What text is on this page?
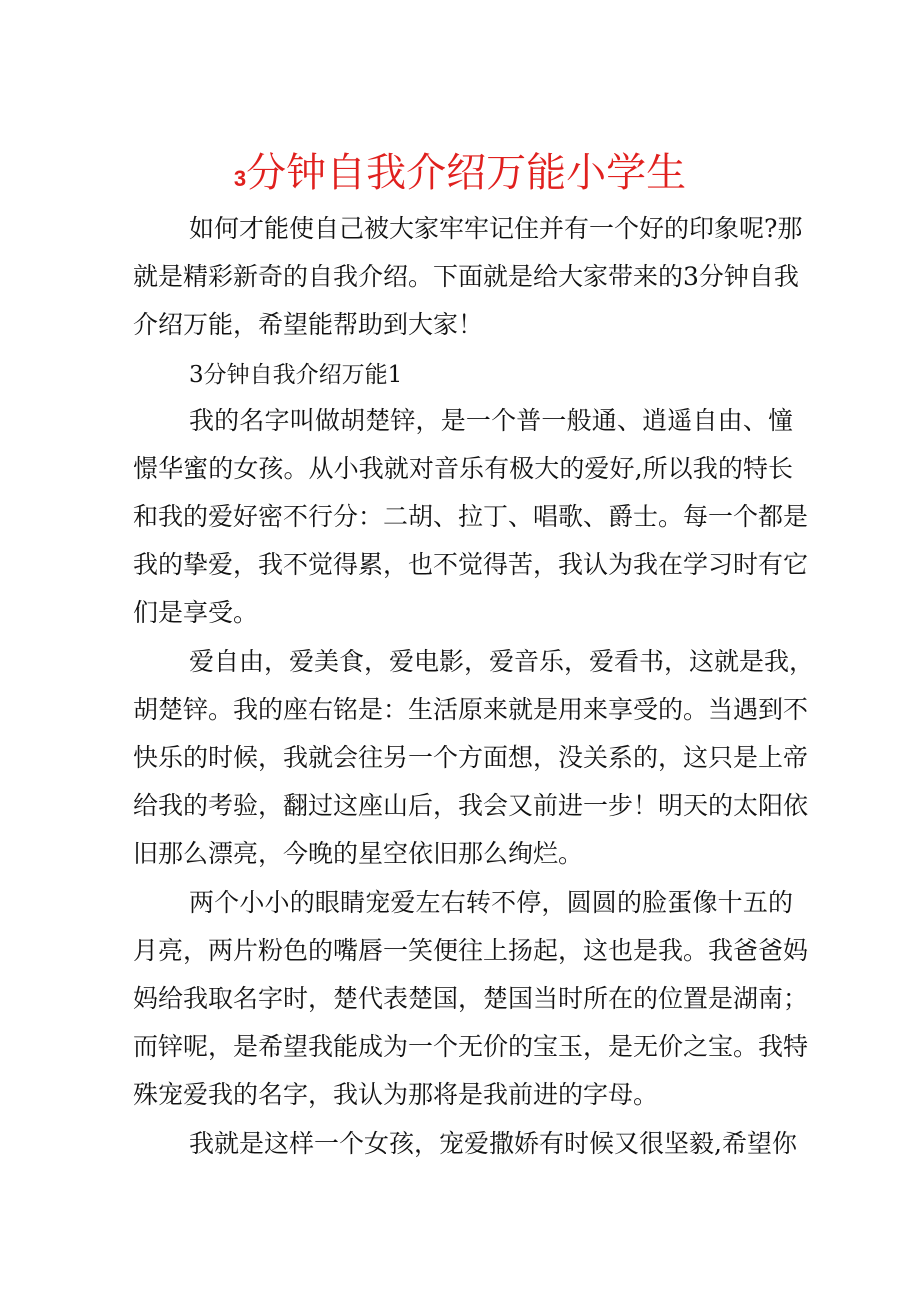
3分钟自我介绍万能小学生
如何才能使自己被大家牢牢记住并有一个好的印象呢?那
就是精彩新奇的自我介绍。下面就是给大家带来的3分钟自我
介绍万能，希望能帮助到大家！
3分钟自我介绍万能1
我的名字叫做胡楚锌，是一个普一般通、逍遥自由、憧
憬华蜜的女孩。从小我就对音乐有极大的爱好,所以我的特长
和我的爱好密不行分：二胡、拉丁、唱歌、爵士。每一个都是
我的挚爱，我不觉得累，也不觉得苦，我认为我在学习时有它
们是享受。
爱自由，爱美食，爱电影，爱音乐，爱看书，这就是我，
胡楚锌。我的座右铭是：生活原来就是用来享受的。当遇到不
快乐的时候，我就会往另一个方面想，没关系的，这只是上帝
给我的考验，翻过这座山后，我会又前进一步！明天的太阳依
旧那么漂亮，今晚的星空依旧那么绚烂。
两个小小的眼睛宠爱左右转不停，圆圆的脸蛋像十五的
月亮，两片粉色的嘴唇一笑便往上扬起，这也是我。我爸爸妈
妈给我取名字时，楚代表楚国，楚国当时所在的位置是湖南；
而锌呢，是希望我能成为一个无价的宝玉，是无价之宝。我特
殊宠爱我的名字，我认为那将是我前进的字母。
我就是这样一个女孩，宠爱撒娇有时候又很坚毅,希望你
